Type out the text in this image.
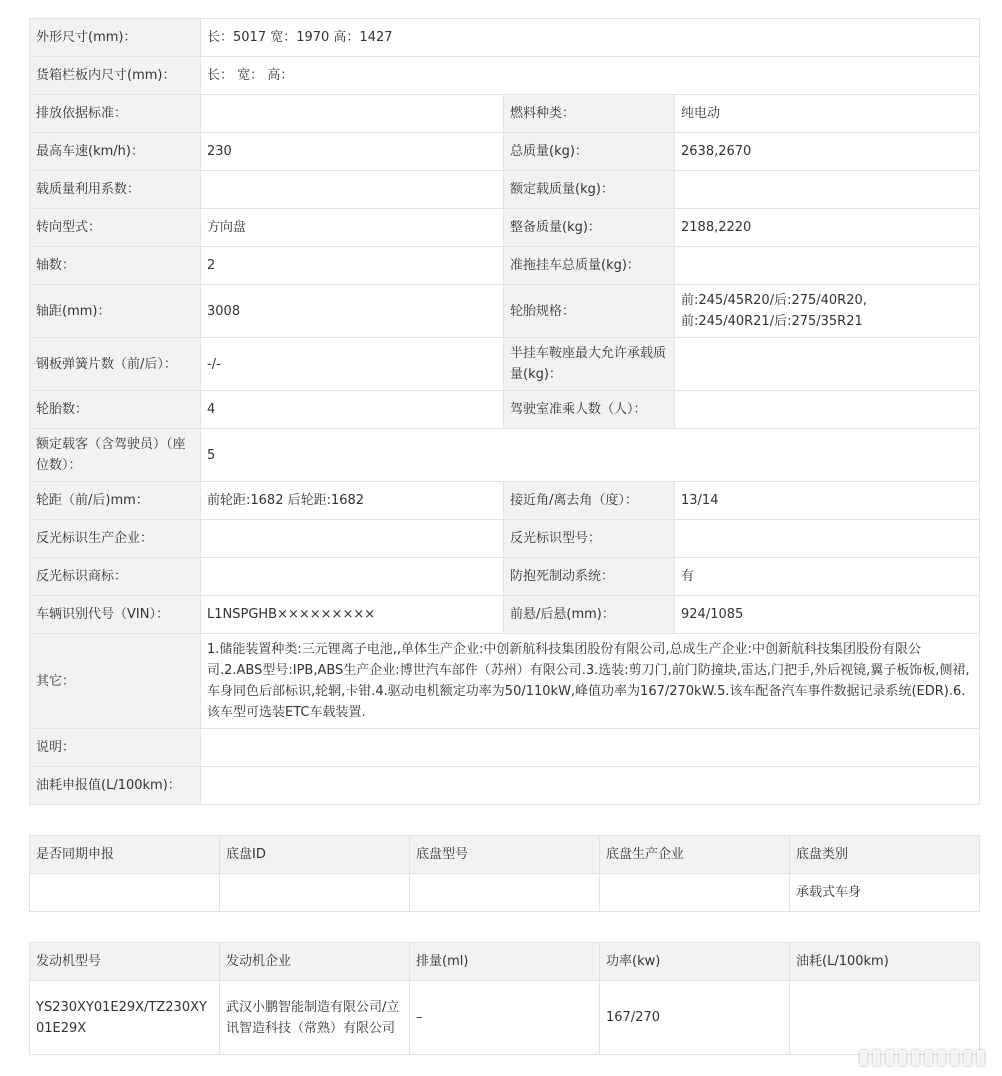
外形尺寸(mm)：	长：5017 宽：1970 高：1427		
货箱栏板内尺寸(mm)：	长： 宽： 高：		
排放依据标准：		燃料种类：	纯电动
最高车速(km/h)：	230	总质量(kg)：	2638,2670
载质量利用系数：		额定载质量(kg)：	
转向型式：	方向盘	整备质量(kg)：	2188,2220
轴数：	2	准拖挂车总质量(kg)：	
轴距(mm)：	3008	轮胎规格：	前:245/45R20/后:275/40R20,
前:245/40R21/后:275/35R21

钢板弹簧片数（前/后）：	-/-	半挂车鞍座最大允许承载质量(kg)：	
轮胎数：	4	驾驶室准乘人数（人）：	
额定载客（含驾驶员）（座位数）：	5		
轮距（前/后)mm：	前轮距:1682 后轮距:1682	接近角/离去角（度）：	13/14
反光标识生产企业：		反光标识型号：	
反光标识商标：		防抱死制动系统：	有
车辆识别代号（VIN）：	L1NSPGHB×××××××××	前悬/后悬(mm)：	924/1085
其它：	1.储能装置种类:三元锂离子电池,,单体生产企业:中创新航科技集团股份有限公司,总成生产企业:中创新航科技集团股份有限公司.2.ABS型号:IPB,ABS生产企业:博世汽车部件（苏州）有限公司.3.选装:剪刀门,前门防撞块,雷达,门把手,外后视镜,翼子板饰板,侧裙,车身同色后部标识,轮辋,卡钳.4.驱动电机额定功率为50/110kW,峰值功率为167/270kW.5.该车配备汽车事件数据记录系统(EDR).6.该车型可选装ETC车载装置.		
说明：			
油耗申报值(L/100km)：			
是否同期申报	底盘ID	底盘型号	底盘生产企业	底盘类别
				承载式车身
发动机型号	发动机企业	排量(ml)	功率(kw)	油耗(L/100km)
YS230XY01E29X/TZ230XY01E29X	武汉小鹏智能制造有限公司/立讯智造科技（常熟）有限公司	–	167/270	
▮▮▮▮▮▮▮▮▮▮
